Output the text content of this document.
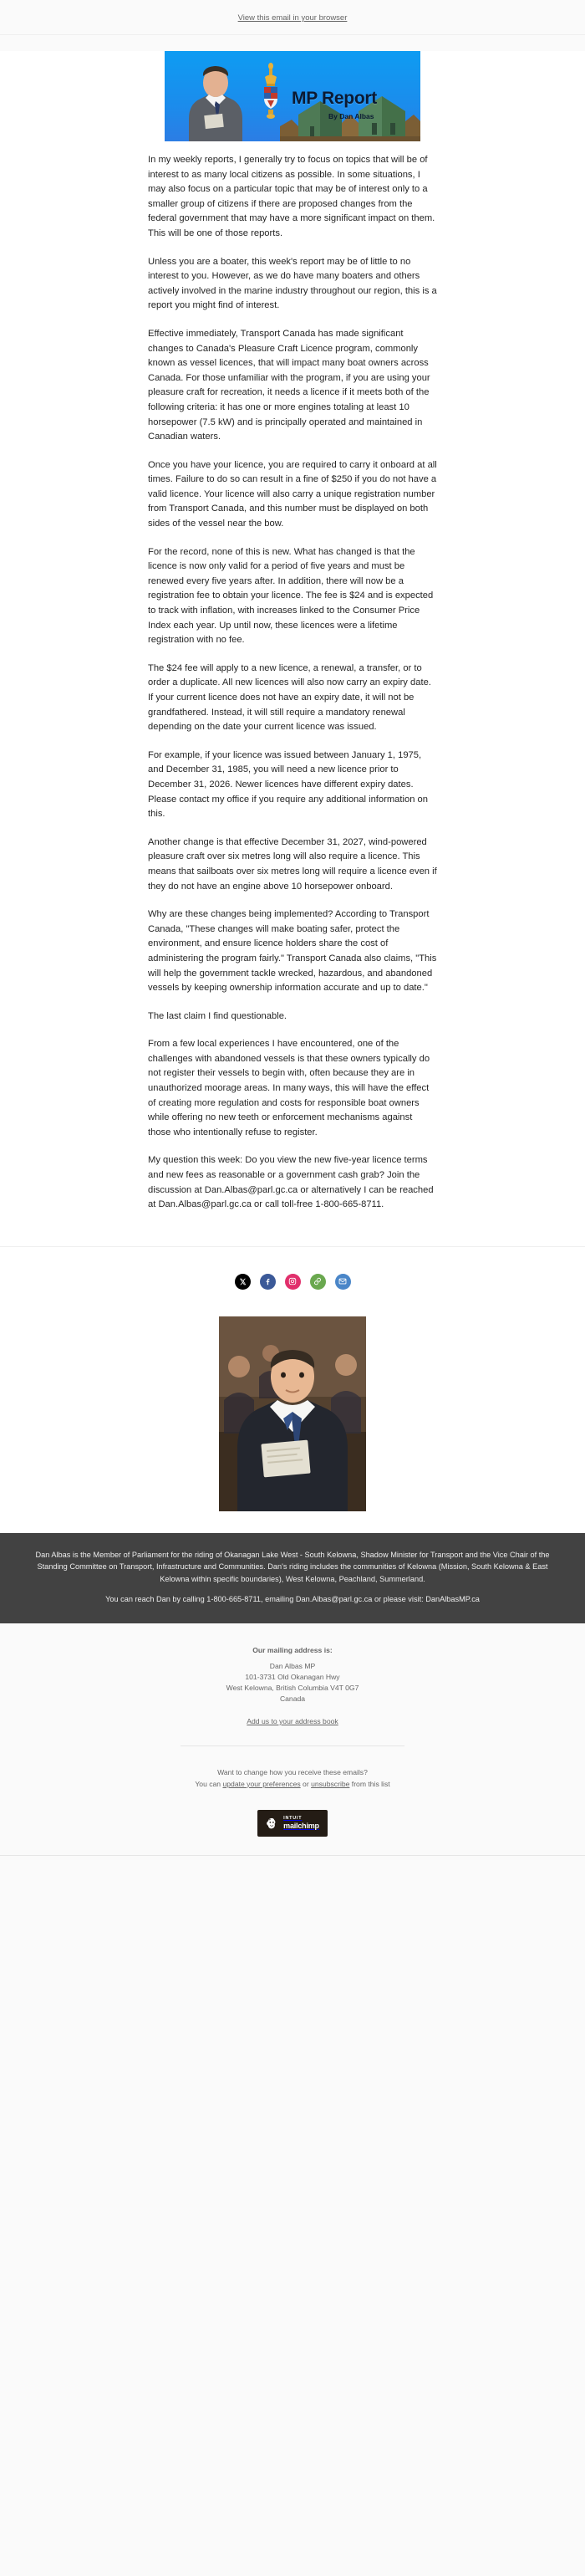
View this email in your browser
MP Report
By Dan Albas

In my weekly reports, I generally try to focus on topics that will be of interest to as many local citizens as possible. In some situations, I may also focus on a particular topic that may be of interest only to a smaller group of citizens if there are proposed changes from the federal government that may have a more significant impact on them. This will be one of those reports.

Unless you are a boater, this week's report may be of little to no interest to you. However, as we do have many boaters and others actively involved in the marine industry throughout our region, this is a report you might find of interest.

Effective immediately, Transport Canada has made significant changes to Canada's Pleasure Craft Licence program, commonly known as vessel licences, that will impact many boat owners across Canada. For those unfamiliar with the program, if you are using your pleasure craft for recreation, it needs a licence if it meets both of the following criteria: it has one or more engines totaling at least 10 horsepower (7.5 kW) and is principally operated and maintained in Canadian waters.

Once you have your licence, you are required to carry it onboard at all times. Failure to do so can result in a fine of $250 if you do not have a valid licence. Your licence will also carry a unique registration number from Transport Canada, and this number must be displayed on both sides of the vessel near the bow.

For the record, none of this is new. What has changed is that the licence is now only valid for a period of five years and must be renewed every five years after. In addition, there will now be a registration fee to obtain your licence. The fee is $24 and is expected to track with inflation, with increases linked to the Consumer Price Index each year. Up until now, these licences were a lifetime registration with no fee.

The $24 fee will apply to a new licence, a renewal, a transfer, or to order a duplicate. All new licences will also now carry an expiry date. If your current licence does not have an expiry date, it will not be grandfathered. Instead, it will still require a mandatory renewal depending on the date your current licence was issued.

For example, if your licence was issued between January 1, 1975, and December 31, 1985, you will need a new licence prior to December 31, 2026. Newer licences have different expiry dates. Please contact my office if you require any additional information on this.

Another change is that effective December 31, 2027, wind-powered pleasure craft over six metres long will also require a licence. This means that sailboats over six metres long will require a licence even if they do not have an engine above 10 horsepower onboard.

Why are these changes being implemented? According to Transport Canada, "These changes will make boating safer, protect the environment, and ensure licence holders share the cost of administering the program fairly." Transport Canada also claims, "This will help the government tackle wrecked, hazardous, and abandoned vessels by keeping ownership information accurate and up to date."

The last claim I find questionable.

From a few local experiences I have encountered, one of the challenges with abandoned vessels is that these owners typically do not register their vessels to begin with, often because they are in unauthorized moorage areas. In many ways, this will have the effect of creating more regulation and costs for responsible boat owners while offering no new teeth or enforcement mechanisms against those who intentionally refuse to register.

My question this week: Do you view the new five-year licence terms and new fees as reasonable or a government cash grab? Join the discussion at Dan.Albas@parl.gc.ca or alternatively I can be reached at Dan.Albas@parl.gc.ca or call toll-free 1-800-665-8711.

Dan Albas is the Member of Parliament for the riding of Okanagan Lake West - South Kelowna, Shadow Minister for Transport and the Vice Chair of the Standing Committee on Transport, Infrastructure and Communities. Dan's riding includes the communities of Kelowna (Mission, South Kelowna & East Kelowna within specific boundaries), West Kelowna, Peachland, Summerland.

You can reach Dan by calling 1-800-665-8711, emailing Dan.Albas@parl.gc.ca or please visit: DanAlbasMP.ca

Our mailing address is:

Dan Albas MP

101-3731 Old Okanagan Hwy

West Kelowna, British Columbia V4T 0G7

Canada

Add us to your address book

Want to change how you receive these emails?

You can update your preferences or unsubscribe from this list

INTUIT
mailchimp
